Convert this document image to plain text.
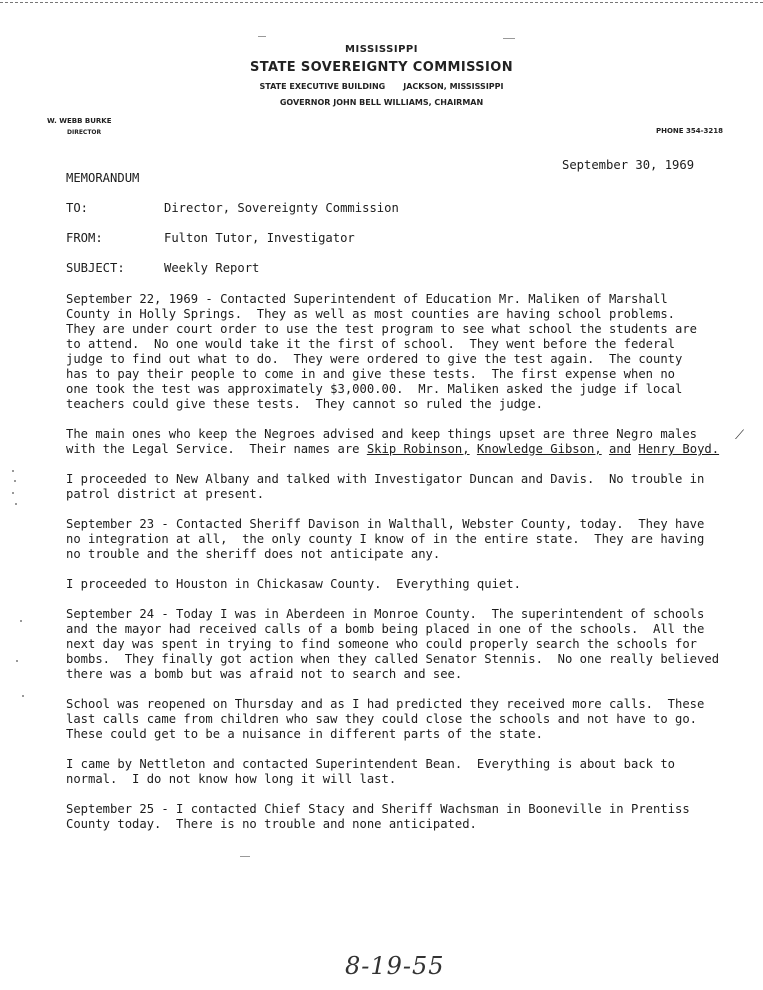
MISSISSIPPI
STATE SOVEREIGNTY COMMISSION
STATE EXECUTIVE BUILDING JACKSON, MISSISSIPPI
GOVERNOR JOHN BELL WILLIAMS, CHAIRMAN
W. WEBB BURKE
DIRECTOR	PHONE 354-3218
September 30, 1969
MEMORANDUM
TO:	Director, Sovereignty Commission
FROM:	Fulton Tutor, Investigator
SUBJECT:	Weekly Report

September 22, 1969 - Contacted Superintendent of Education Mr. Maliken of Marshall
County in Holly Springs.  They as well as most counties are having school problems.
They are under court order to use the test program to see what school the students are
to attend.  No one would take it the first of school.  They went before the federal
judge to find out what to do.  They were ordered to give the test again.  The county
has to pay their people to come in and give these tests.  The first expense when no
one took the test was approximately $3,000.00.  Mr. Maliken asked the judge if local
teachers could give these tests.  They cannot so ruled the judge.

The main ones who keep the Negroes advised and keep things upset are three Negro males
with the Legal Service.  Their names are Skip Robinson, Knowledge Gibson, and Henry Boyd.

I proceeded to New Albany and talked with Investigator Duncan and Davis.  No trouble in
patrol district at present.

September 23 - Contacted Sheriff Davison in Walthall, Webster County, today.  They have
no integration at all,  the only county I know of in the entire state.  They are having
no trouble and the sheriff does not anticipate any.

I proceeded to Houston in Chickasaw County.  Everything quiet.

September 24 - Today I was in Aberdeen in Monroe County.  The superintendent of schools
and the mayor had received calls of a bomb being placed in one of the schools.  All the
next day was spent in trying to find someone who could properly search the schools for
bombs.  They finally got action when they called Senator Stennis.  No one really believed
there was a bomb but was afraid not to search and see.

School was reopened on Thursday and as I had predicted they received more calls.  These
last calls came from children who saw they could close the schools and not have to go.
These could get to be a nuisance in different parts of the state.

I came by Nettleton and contacted Superintendent Bean.  Everything is about back to
normal.  I do not know how long it will last.

September 25 - I contacted Chief Stacy and Sheriff Wachsman in Booneville in Prentiss
County today.  There is no trouble and none anticipated.

⟋
8-19-55
